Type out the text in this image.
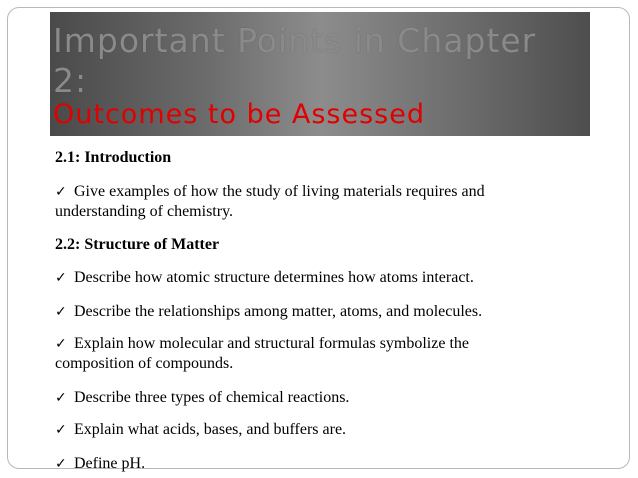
Important Points in Chapter
2:
Outcomes to be Assessed
2.1: Introduction
✓ Give examples of how the study of living materials requires and
understanding of chemistry.
2.2: Structure of Matter
✓ Describe how atomic structure determines how atoms interact.
✓ Describe the relationships among matter, atoms, and molecules.
✓ Explain how molecular and structural formulas symbolize the
composition of compounds.
✓ Describe three types of chemical reactions.
✓ Explain what acids, bases, and buffers are.
✓ Define pH.
